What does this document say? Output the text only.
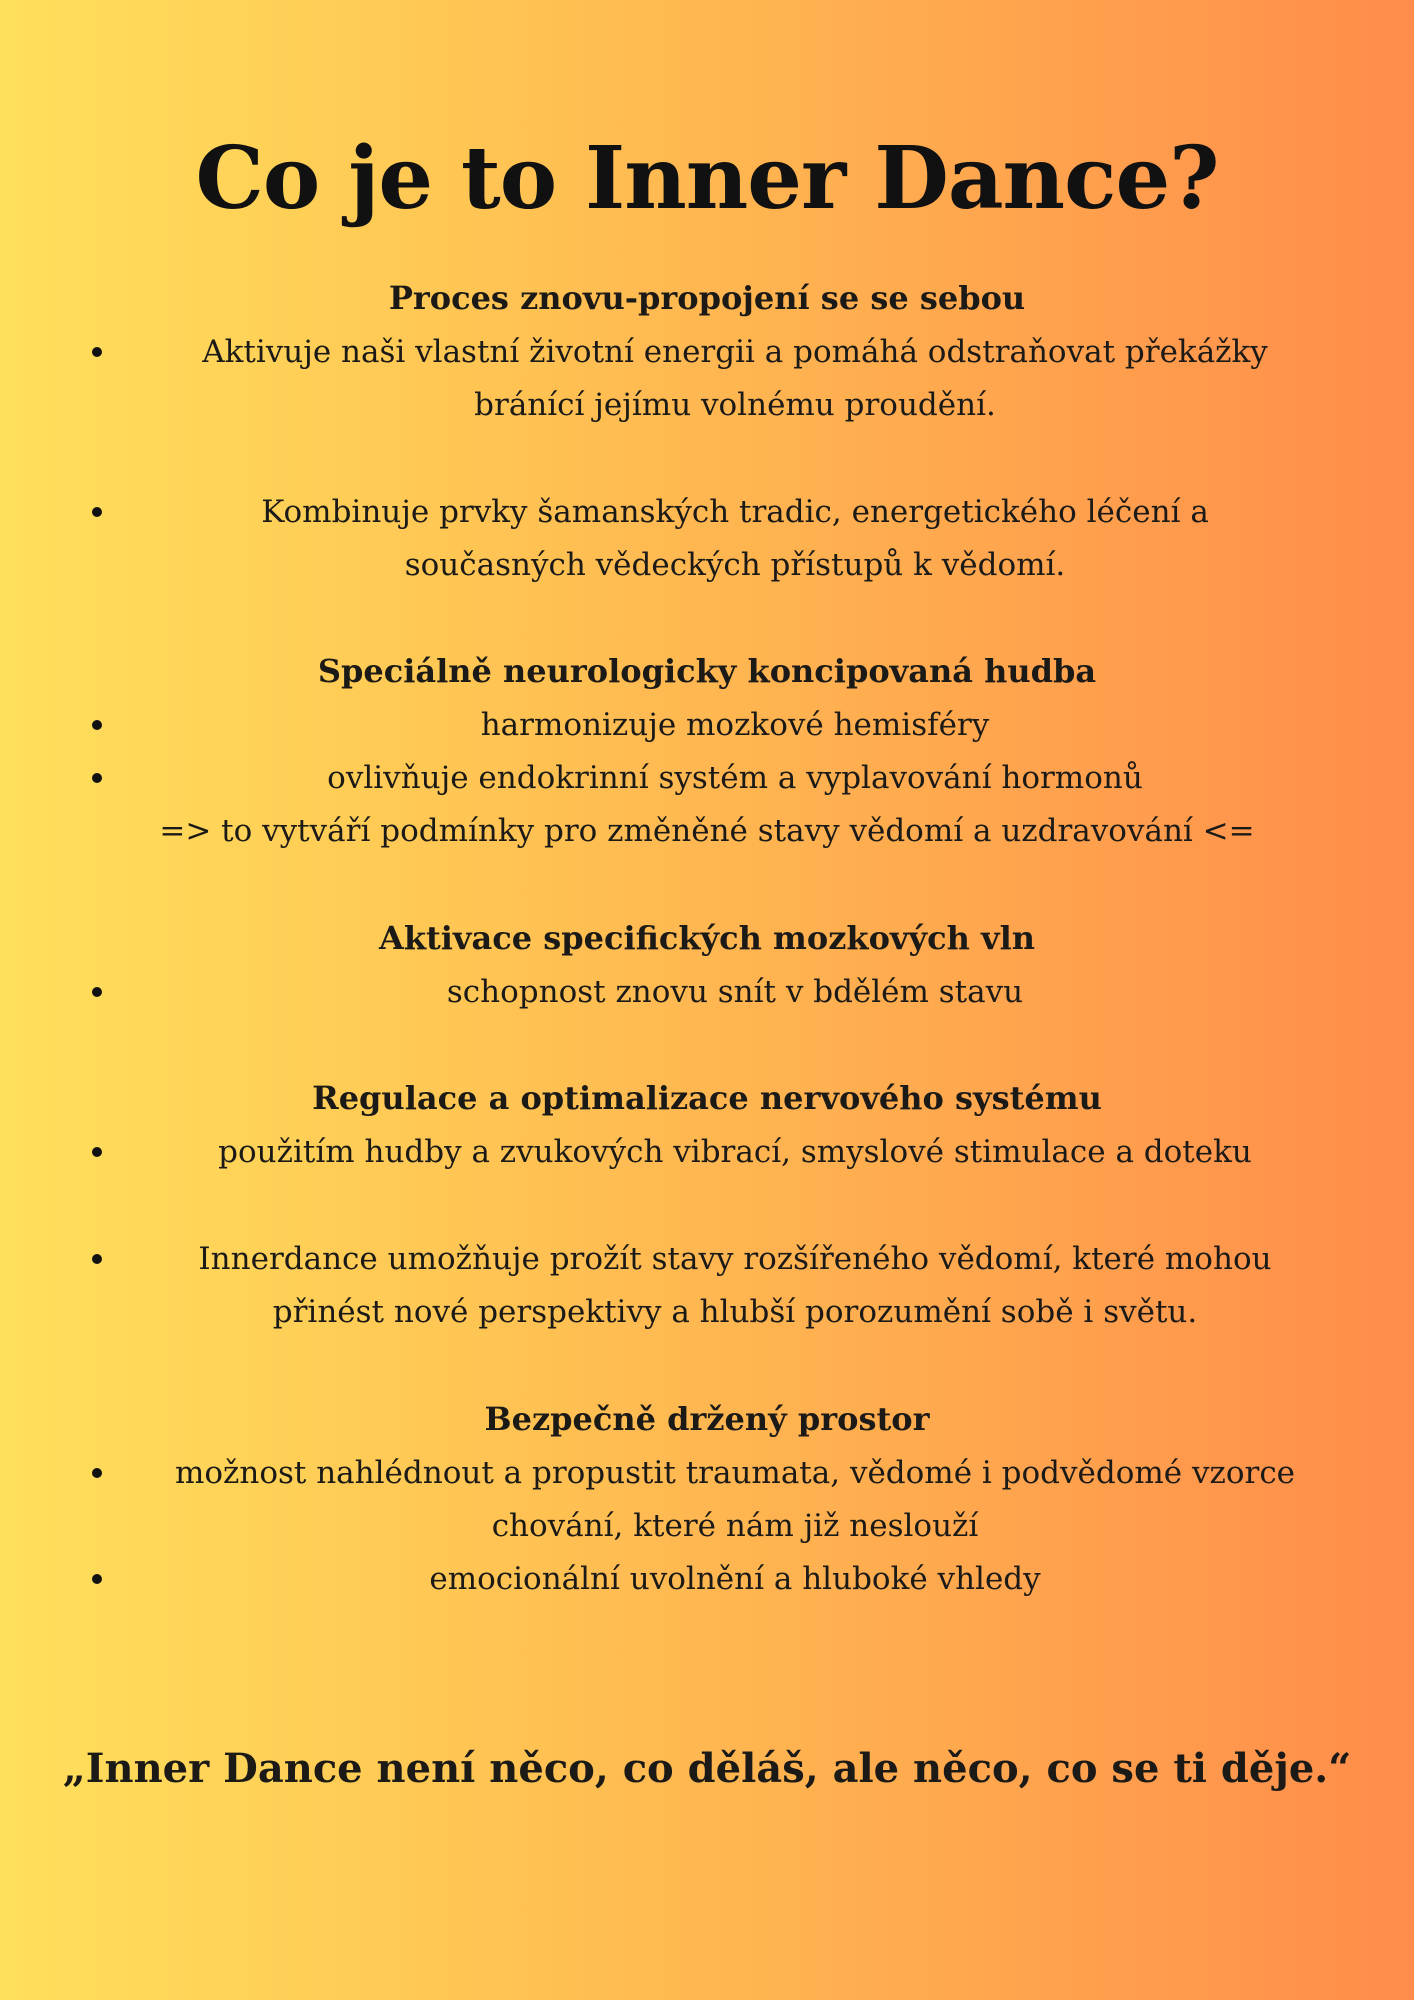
Co je to Inner Dance?
Proces znovu-propojení se se sebou
Aktivuje naši vlastní životní energii a pomáhá odstraňovat překážky
bránící jejímu volnému proudění.
Kombinuje prvky šamanských tradic, energetického léčení a
současných vědeckých přístupů k vědomí.
Speciálně neurologicky koncipovaná hudba
harmonizuje mozkové hemisféry
ovlivňuje endokrinní systém a vyplavování hormonů
=> to vytváří podmínky pro změněné stavy vědomí a uzdravování <=
Aktivace specifických mozkových vln
schopnost znovu snít v bdělém stavu
Regulace a optimalizace nervového systému
použitím hudby a zvukových vibrací, smyslové stimulace a doteku
Innerdance umožňuje prožít stavy rozšířeného vědomí, které mohou
přinést nové perspektivy a hlubší porozumění sobě i světu.
Bezpečně držený prostor
možnost nahlédnout a propustit traumata, vědomé i podvědomé vzorce
chování, které nám již neslouží
emocionální uvolnění a hluboké vhledy
„Inner Dance není něco, co děláš, ale něco, co se ti děje.“
